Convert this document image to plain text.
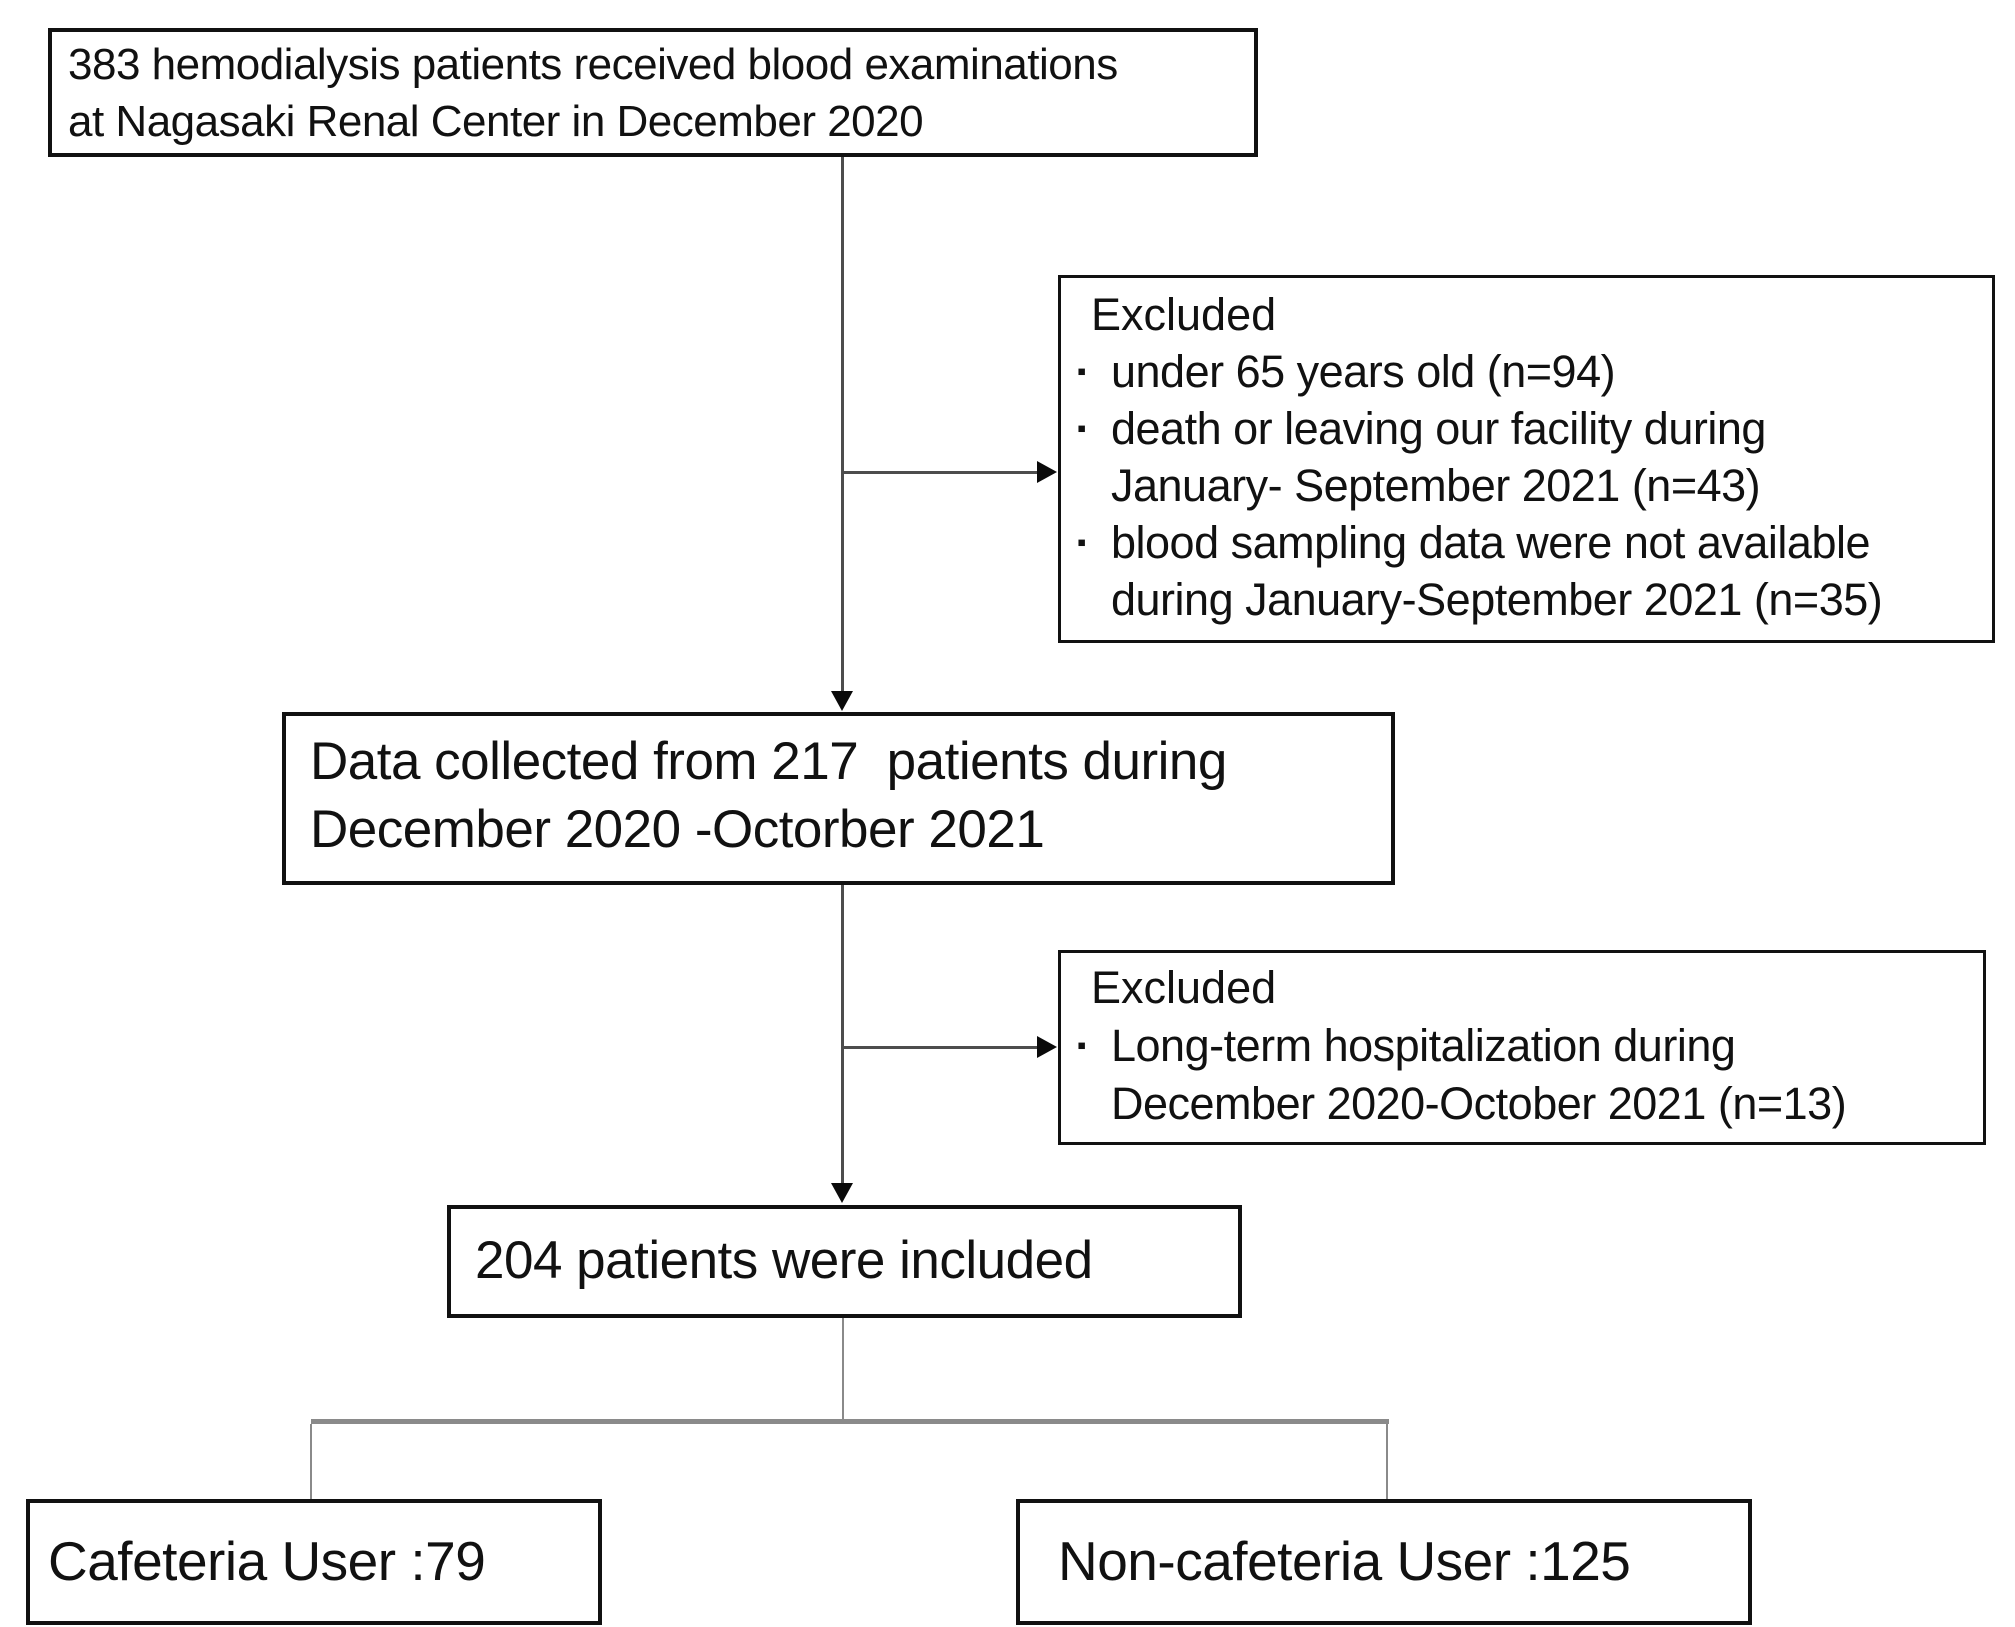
383 hemodialysis patients received blood examinations
at Nagasaki Renal Center in December 2020
Excluded
▪ under 65 years old (n=94)
▪ death or leaving our facility during
January- September 2021 (n=43)
▪ blood sampling data were not available
during January-September 2021 (n=35)
Data collected from 217  patients during
December 2020 -Octorber 2021
Excluded
▪ Long-term hospitalization during
December 2020-October 2021 (n=13)
204 patients were included
Cafeteria User :79	Non-cafeteria User :125
